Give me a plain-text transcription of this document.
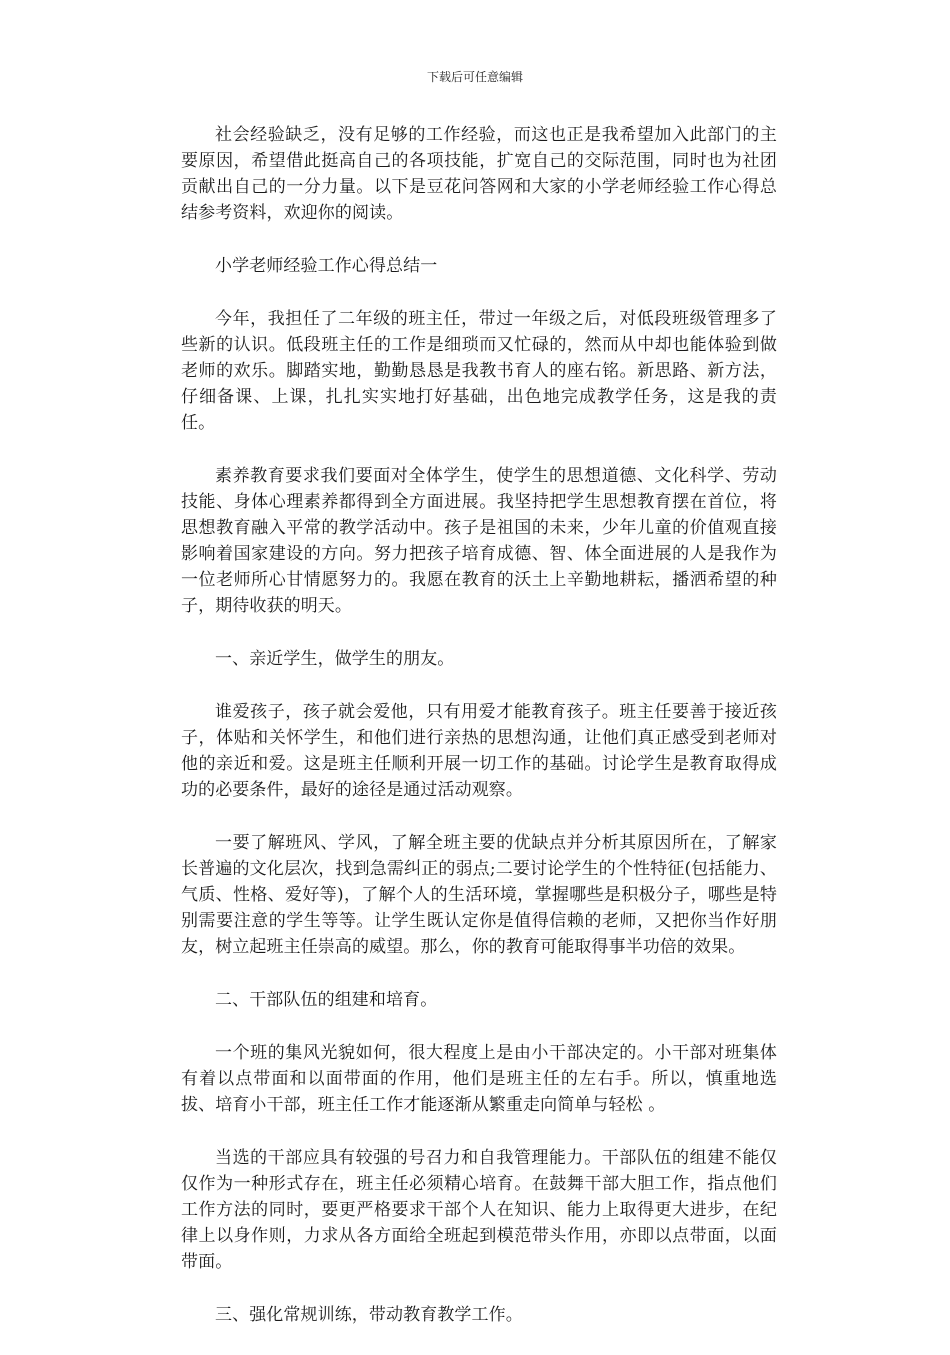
下载后可任意编辑

社会经验缺乏，没有足够的工作经验，而这也正是我希望加入此部门的主要原因，希望借此挺高自己的各项技能，扩宽自己的交际范围，同时也为社团贡献出自己的一分力量。以下是豆花问答网和大家的小学老师经验工作心得总结参考资料，欢迎你的阅读。

小学老师经验工作心得总结一

今年，我担任了二年级的班主任，带过一年级之后，对低段班级管理多了些新的认识。低段班主任的工作是细琐而又忙碌的，然而从中却也能体验到做老师的欢乐。脚踏实地，勤勤恳恳是我教书育人的座右铭。新思路、新方法，仔细备课、上课，扎扎实实地打好基础，出色地完成教学任务，这是我的责任。

素养教育要求我们要面对全体学生，使学生的思想道德、文化科学、劳动技能、身体心理素养都得到全方面进展。我坚持把学生思想教育摆在首位，将思想教育融入平常的教学活动中。孩子是祖国的未来，少年儿童的价值观直接影响着国家建设的方向。努力把孩子培育成德、智、体全面进展的人是我作为一位老师所心甘情愿努力的。我愿在教育的沃土上辛勤地耕耘，播洒希望的种子，期待收获的明天。

一、亲近学生，做学生的朋友。

谁爱孩子，孩子就会爱他，只有用爱才能教育孩子。班主任要善于接近孩子，体贴和关怀学生，和他们进行亲热的思想沟通，让他们真正感受到老师对他的亲近和爱。这是班主任顺利开展一切工作的基础。讨论学生是教育取得成功的必要条件，最好的途径是通过活动观察。

一要了解班风、学风，了解全班主要的优缺点并分析其原因所在，了解家长普遍的文化层次，找到急需纠正的弱点;二要讨论学生的个性特征(包括能力、气质、性格、爱好等)，了解个人的生活环境，掌握哪些是积极分子，哪些是特别需要注意的学生等等。让学生既认定你是值得信赖的老师，又把你当作好朋友，树立起班主任崇高的威望。那么，你的教育可能取得事半功倍的效果。

二、干部队伍的组建和培育。

一个班的集风光貌如何，很大程度上是由小干部决定的。小干部对班集体有着以点带面和以面带面的作用，他们是班主任的左右手。所以，慎重地选拔、培育小干部，班主任工作才能逐渐从繁重走向简单与轻松 。

当选的干部应具有较强的号召力和自我管理能力。干部队伍的组建不能仅仅作为一种形式存在，班主任必须精心培育。在鼓舞干部大胆工作，指点他们工作方法的同时，要更严格要求干部个人在知识、能力上取得更大进步，在纪律上以身作则，力求从各方面给全班起到模范带头作用，亦即以点带面，以面带面。

三、强化常规训练，带动教育教学工作。
